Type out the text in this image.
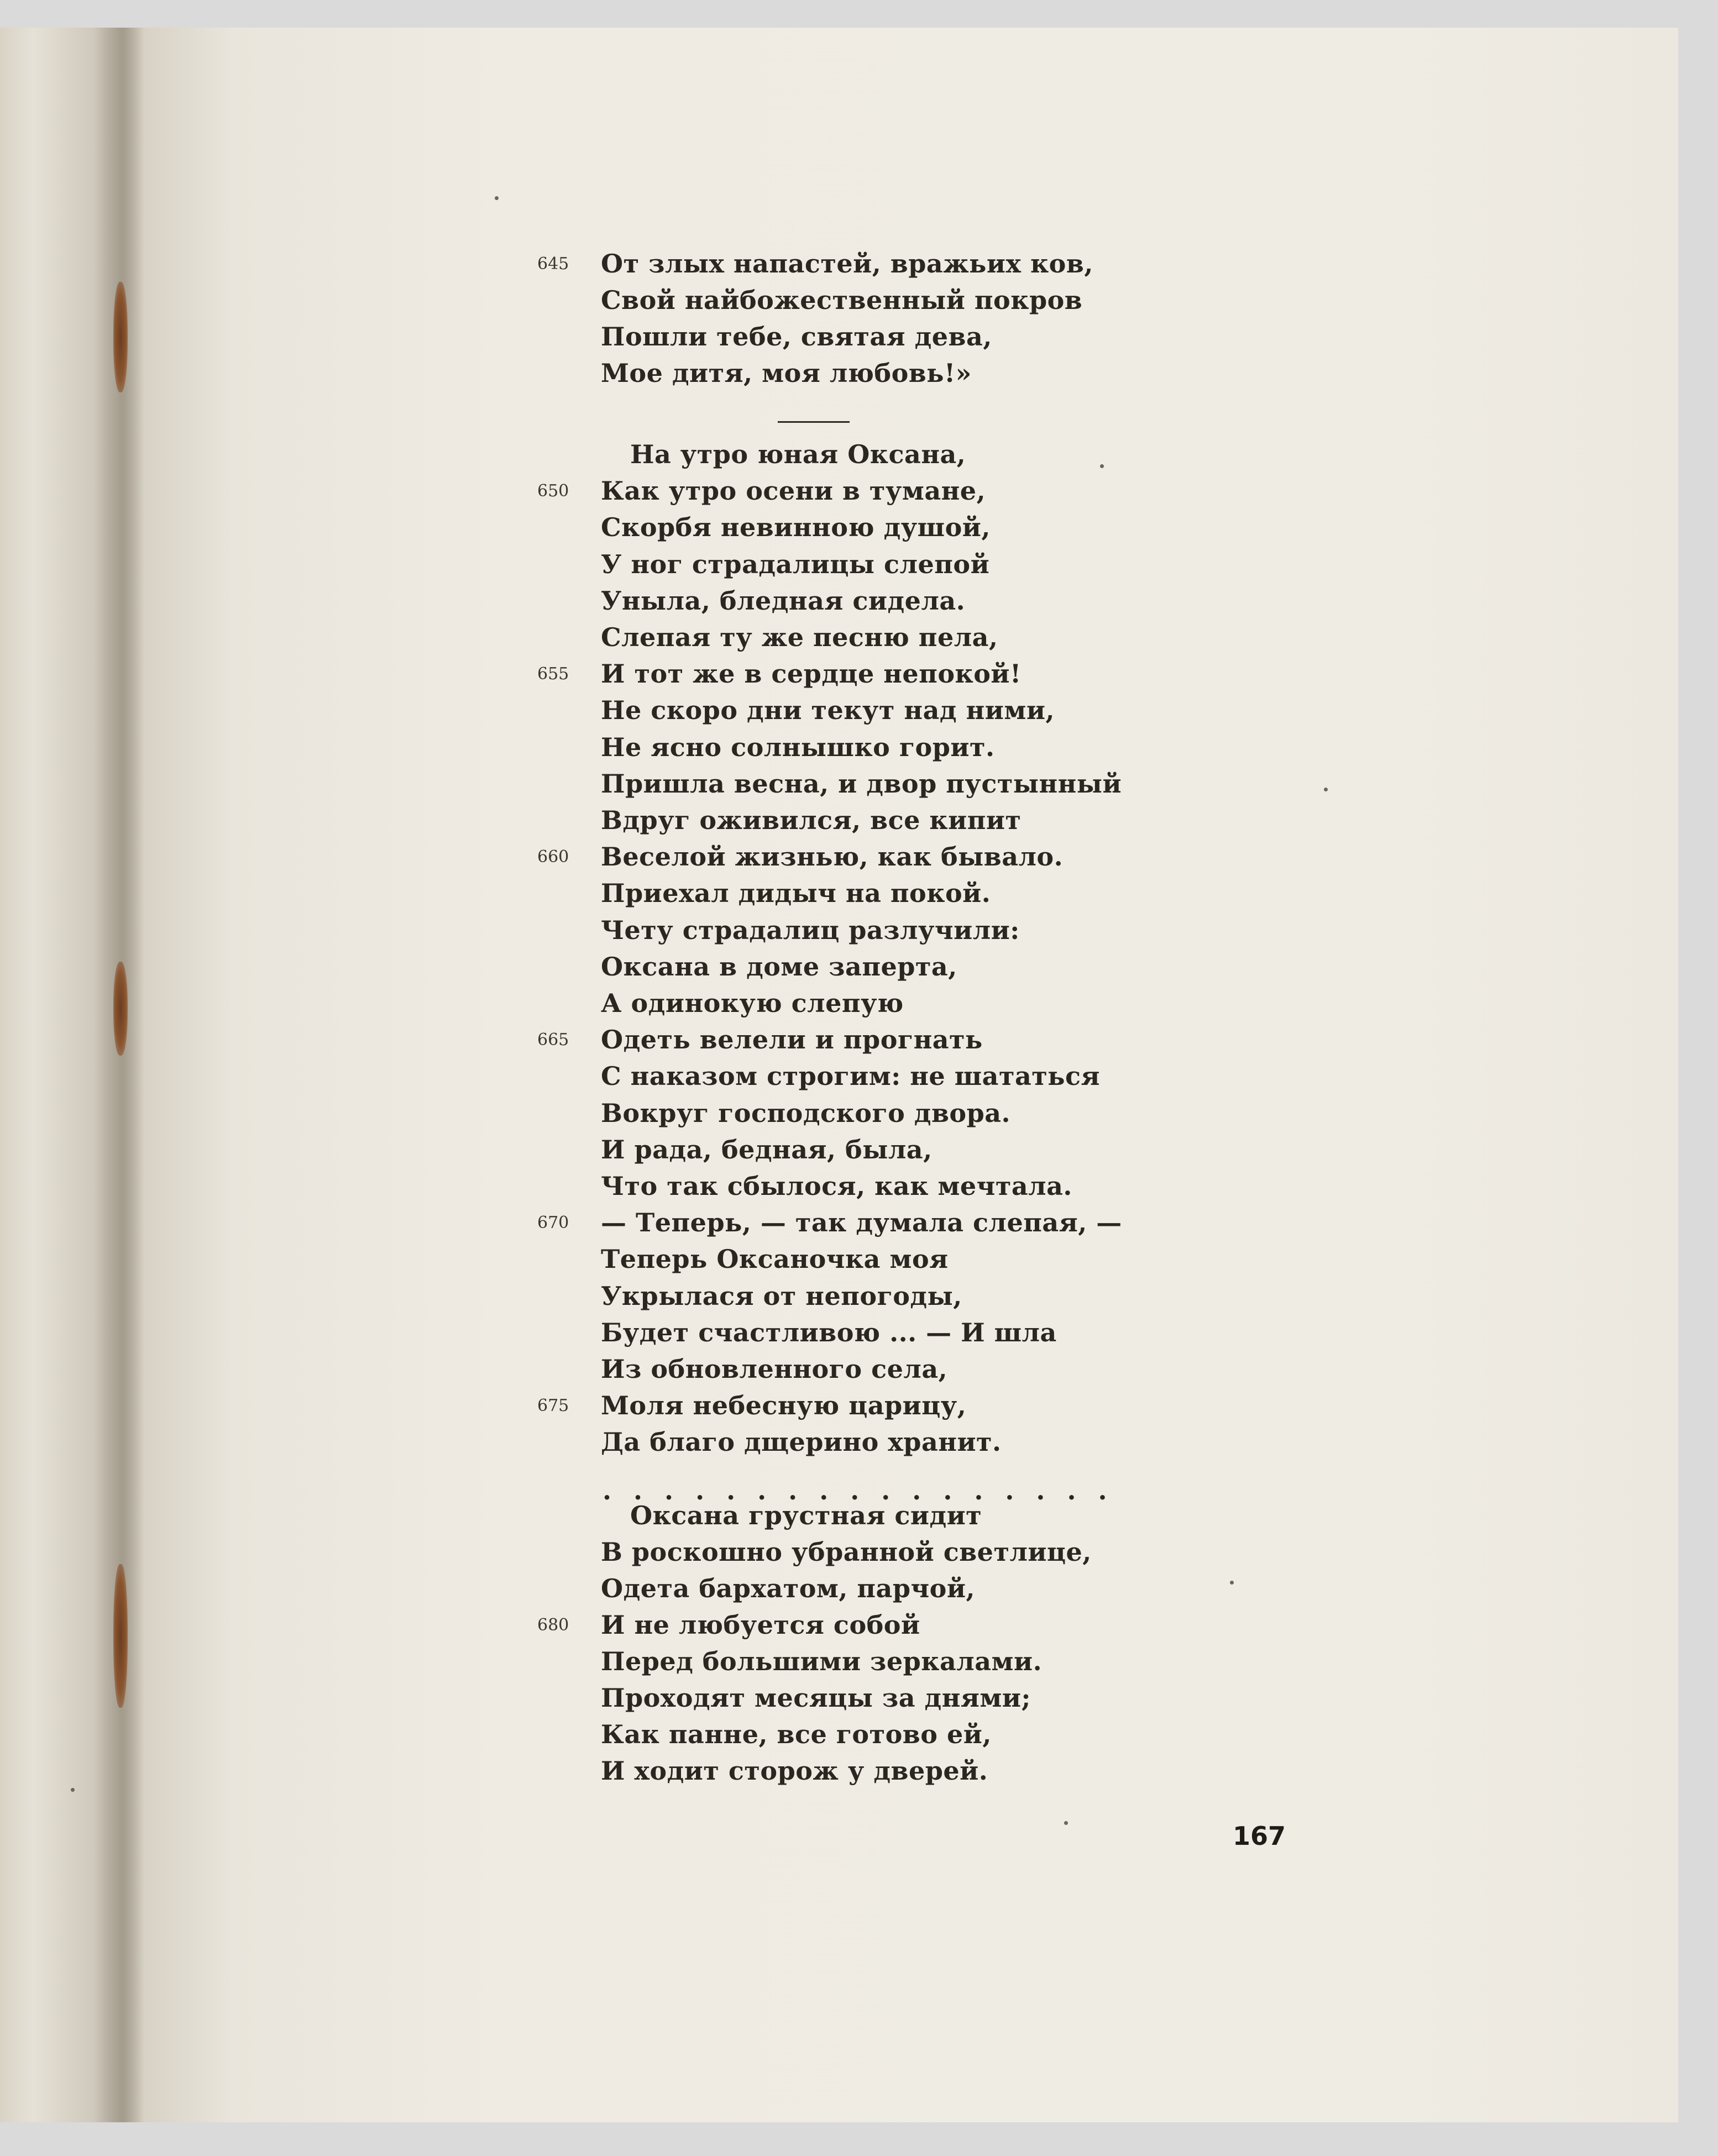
От злых напастей, вражьих ков,
645
Свой найбожественный покров
Пошли тебе, святая дева,
Мое дитя, моя любовь!»
На утро юная Оксана,
Как утро осени в тумане,
650
Скорбя невинною душой,
У ног страдалицы слепой
Уныла, бледная сидела.
Слепая ту же песню пела,
И тот же в сердце непокой!
655
Не скоро дни текут над ними,
Не ясно солнышко горит.
Пришла весна, и двор пустынный
Вдруг оживился, все кипит
Веселой жизнью, как бывало.
660
Приехал дидыч на покой.
Чету страдалиц разлучили:
Оксана в доме заперта,
А одинокую слепую
Одеть велели и прогнать
665
С наказом строгим: не шататься
Вокруг господского двора.
И рада, бедная, была,
Что так сбылося, как мечтала.
— Теперь, — так думала слепая, —
670
Теперь Оксаночка моя
Укрылася от непогоды,
Будет счастливою ... — И шла
Из обновленного села,
Моля небесную царицу,
675
Да благо дщерино хранит.
Оксана грустная сидит
В роскошно убранной светлице,
Одета бархатом, парчой,
И не любуется собой
680
Перед большими зеркалами.
Проходят месяцы за днями;
Как панне, все готово ей,
И ходит сторож у дверей.
. . . . . . . . . . . . . . . . .
167
